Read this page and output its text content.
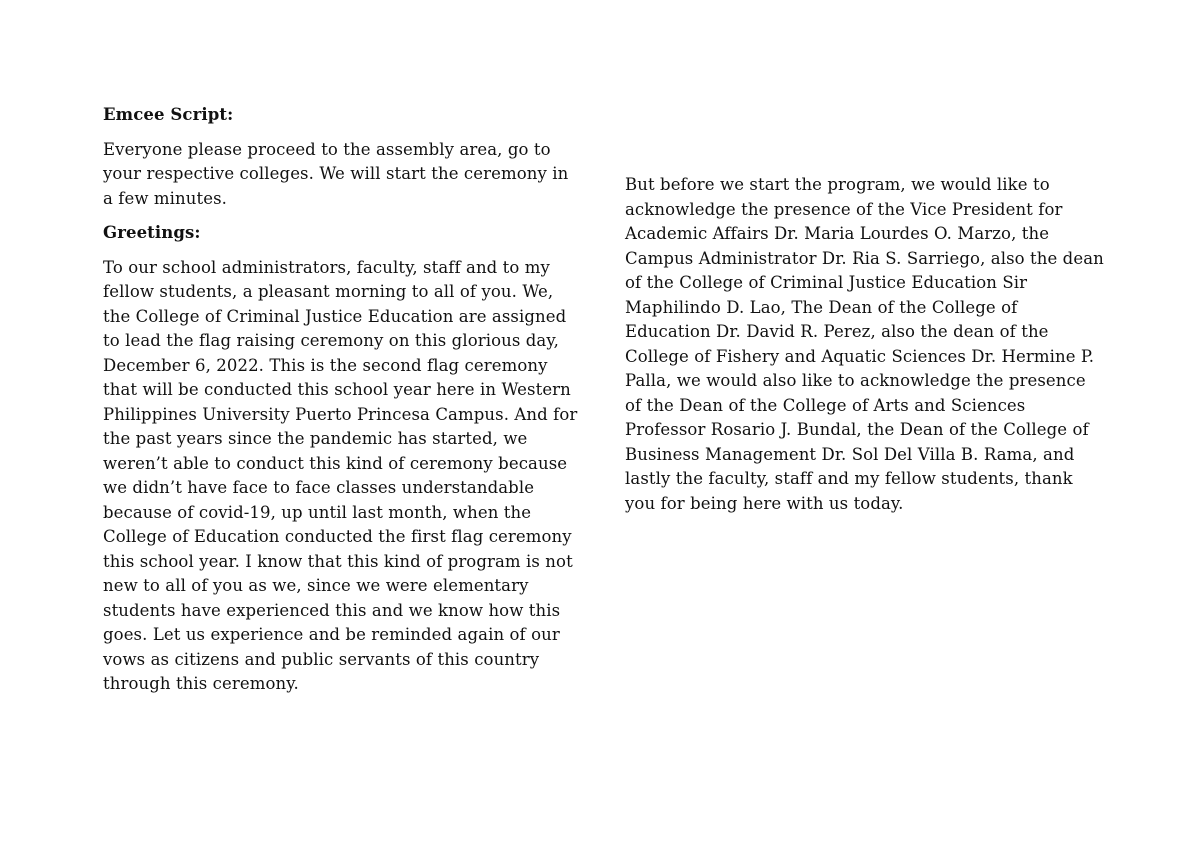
Emcee Script:

Everyone please proceed to the assembly area, go to your respective colleges. We will start the ceremony in a few minutes.

Greetings:

To our school administrators, faculty, staff and to my fellow students, a pleasant morning to all of you. We, the College of Criminal Justice Education are assigned to lead the flag raising ceremony on this glorious day, December 6, 2022. This is the second flag ceremony that will be conducted this school year here in Western Philippines University Puerto Princesa Campus. And for the past years since the pandemic has started, we weren’t able to conduct this kind of ceremony because we didn’t have face to face classes understandable because of covid-19, up until last month, when the College of Education conducted the first flag ceremony this school year. I know that this kind of program is not new to all of you as we, since we were elementary students have experienced this and we know how this goes. Let us experience and be reminded again of our vows as citizens and public servants of this country through this ceremony.

But before we start the program, we would like to acknowledge the presence of the Vice President for Academic Affairs Dr. Maria Lourdes O. Marzo, the Campus Administrator Dr. Ria S. Sarriego, also the dean of the College of Criminal Justice Education Sir Maphilindo D. Lao, The Dean of the College of Education Dr. David R. Perez, also the dean of the College of Fishery and Aquatic Sciences Dr. Hermine P. Palla, we would also like to acknowledge the presence of the Dean of the College of Arts and Sciences Professor Rosario J. Bundal, the Dean of the College of Business Management Dr. Sol Del Villa B. Rama, and lastly the faculty, staff and my fellow students, thank you for being here with us today.
